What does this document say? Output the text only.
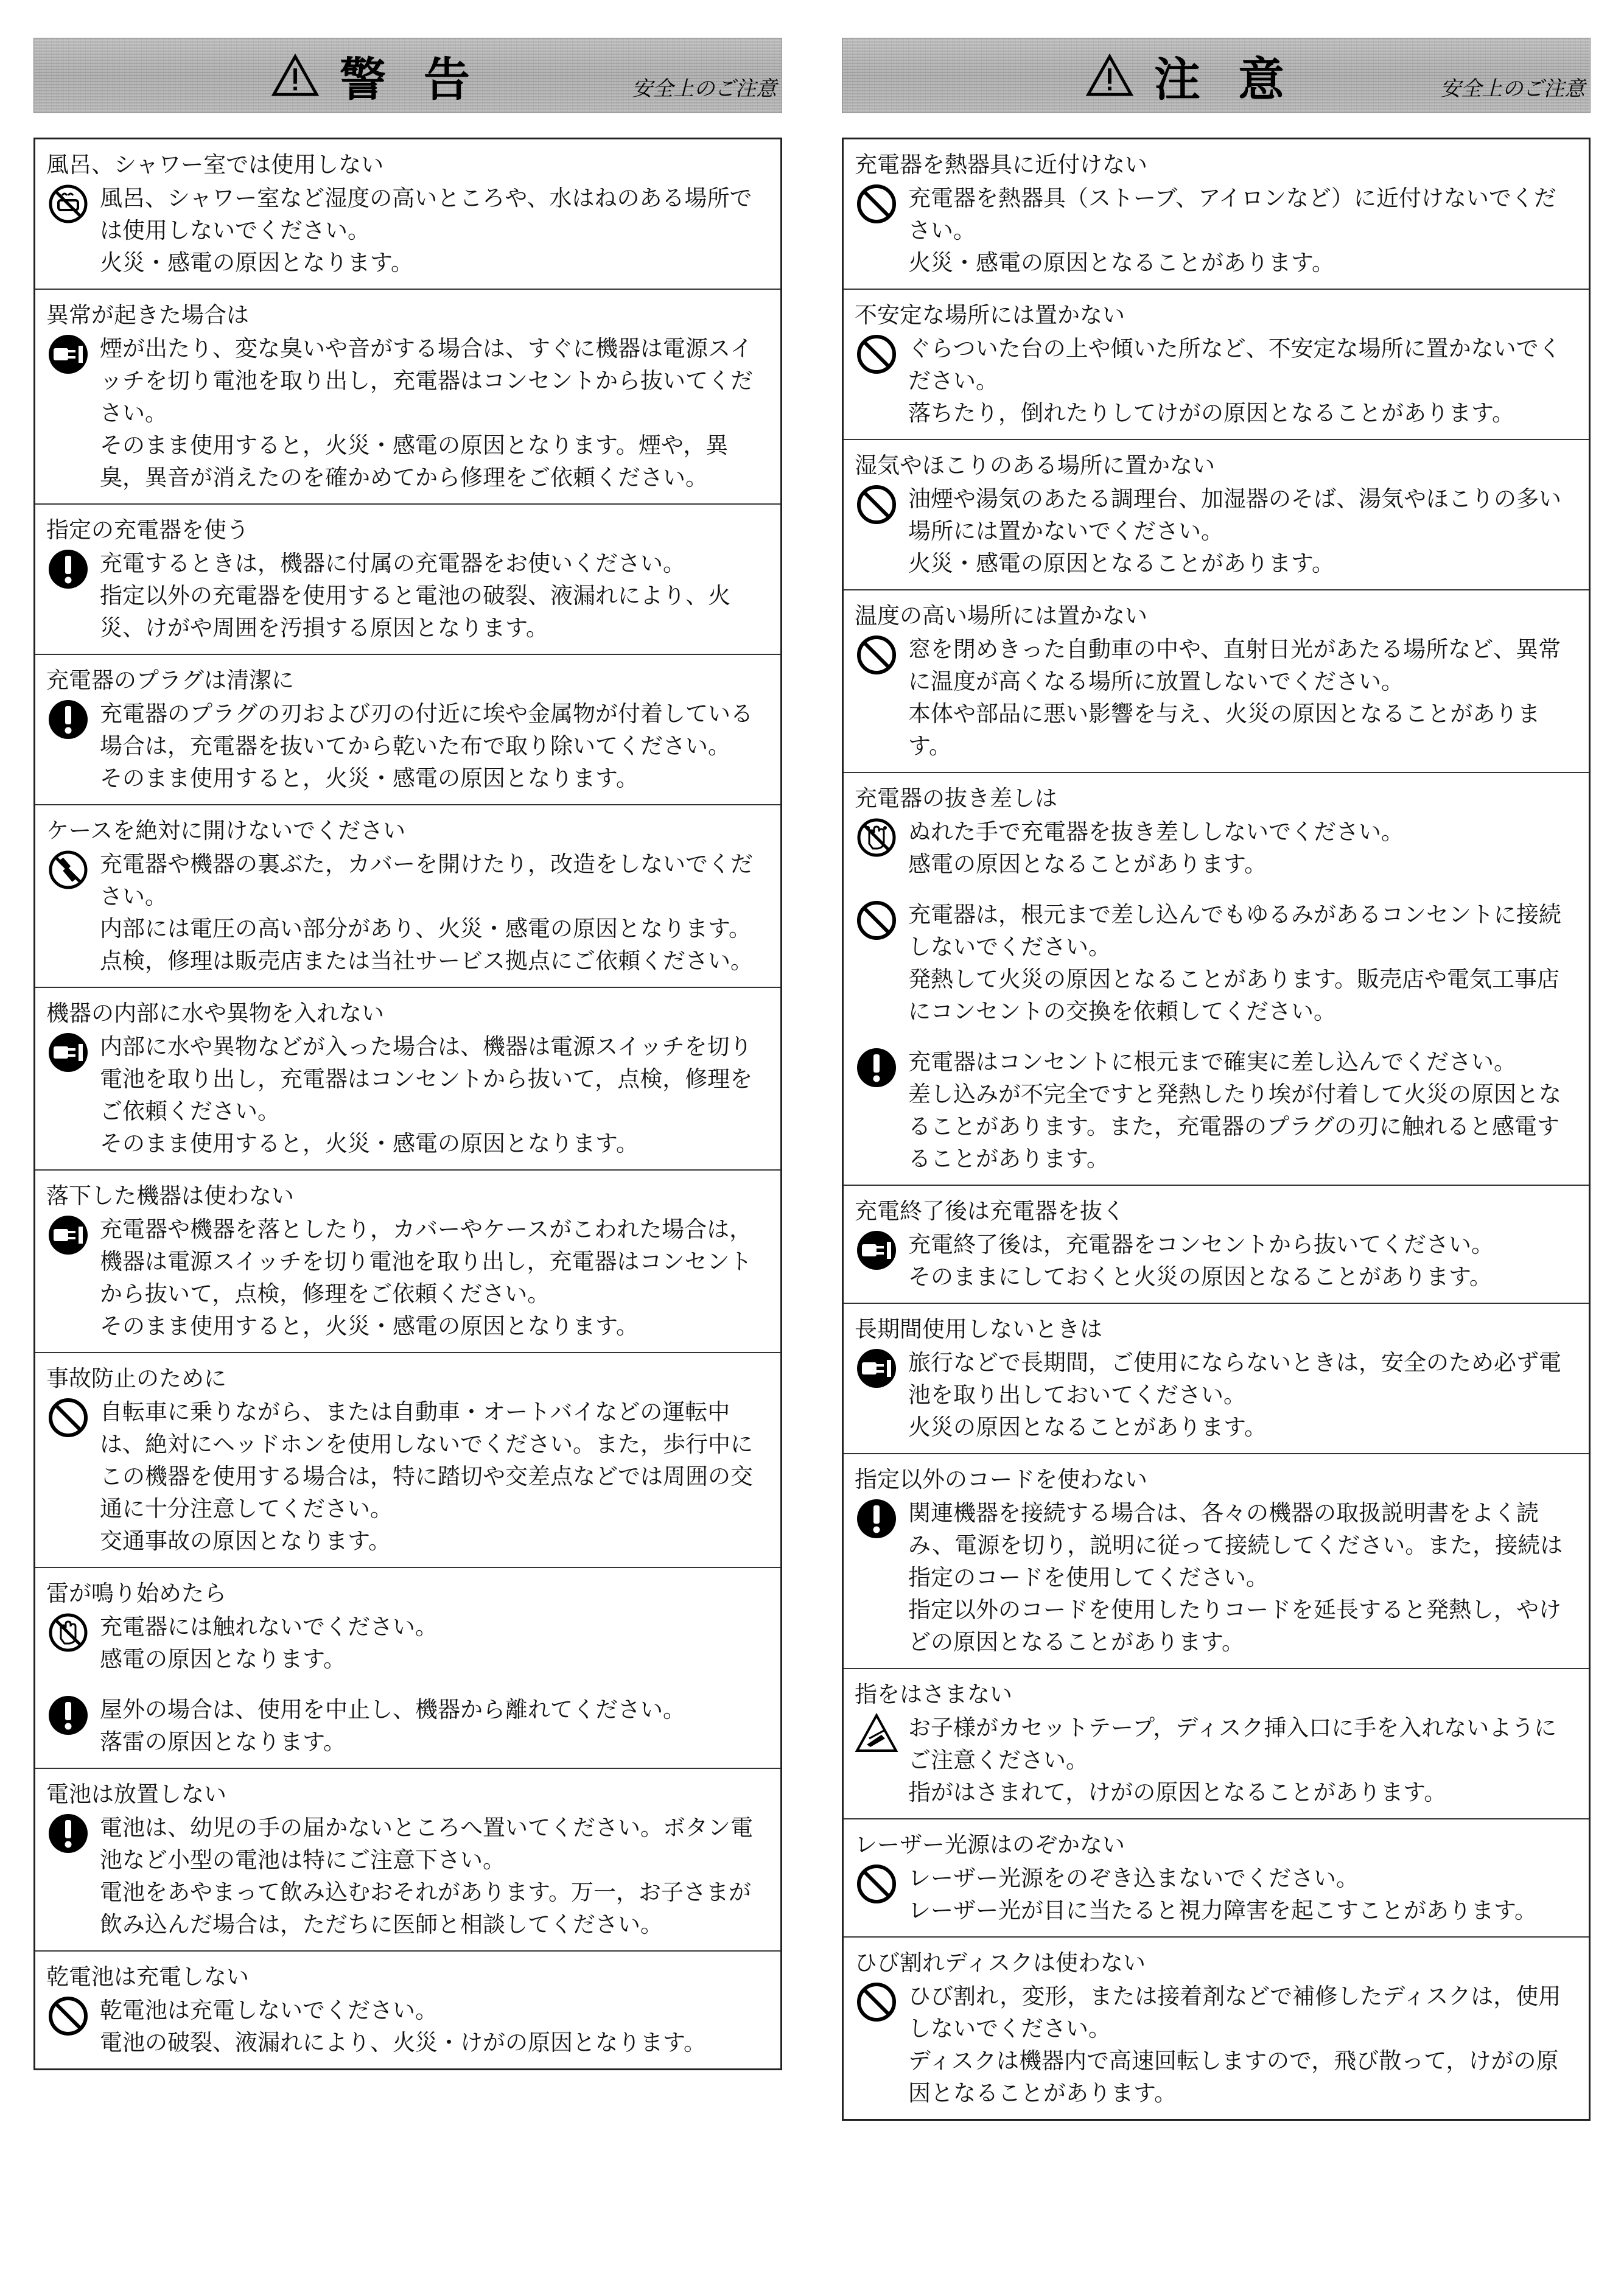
警告	安全上のご注意
風呂、シャワー室では使用しない

風呂、シャワー室など湿度の高いところや、水はねのある場所では使用しないでください。

火災・感電の原因となります。

異常が起きた場合は

煙が出たり、変な臭いや音がする場合は、すぐに機器は電源スイッチを切り電池を取り出し，充電器はコンセントから抜いてください。

そのまま使用すると，火災・感電の原因となります。煙や，異臭，異音が消えたのを確かめてから修理をご依頼ください。

指定の充電器を使う

充電するときは，機器に付属の充電器をお使いください。

指定以外の充電器を使用すると電池の破裂、液漏れにより、火災、けがや周囲を汚損する原因となります。

充電器のプラグは清潔に

充電器のプラグの刃および刃の付近に埃や金属物が付着している場合は，充電器を抜いてから乾いた布で取り除いてください。

そのまま使用すると，火災・感電の原因となります。

ケースを絶対に開けないでください

充電器や機器の裏ぶた，カバーを開けたり，改造をしないでください。

内部には電圧の高い部分があり、火災・感電の原因となります。点検，修理は販売店または当社サービス拠点にご依頼ください。

機器の内部に水や異物を入れない

内部に水や異物などが入った場合は、機器は電源スイッチを切り電池を取り出し，充電器はコンセントから抜いて，点検，修理をご依頼ください。

そのまま使用すると，火災・感電の原因となります。

落下した機器は使わない

充電器や機器を落としたり，カバーやケースがこわれた場合は，機器は電源スイッチを切り電池を取り出し，充電器はコンセントから抜いて，点検，修理をご依頼ください。

そのまま使用すると，火災・感電の原因となります。

事故防止のために

自転車に乗りながら、または自動車・オートバイなどの運転中は、絶対にヘッドホンを使用しないでください。また，歩行中にこの機器を使用する場合は，特に踏切や交差点などでは周囲の交通に十分注意してください。

交通事故の原因となります。

雷が鳴り始めたら

充電器には触れないでください。

感電の原因となります。

屋外の場合は、使用を中止し、機器から離れてください。

落雷の原因となります。

電池は放置しない

電池は、幼児の手の届かないところへ置いてください。ボタン電池など小型の電池は特にご注意下さい。

電池をあやまって飲み込むおそれがあります。万一，お子さまが飲み込んだ場合は，ただちに医師と相談してください。

乾電池は充電しない

乾電池は充電しないでください。

電池の破裂、液漏れにより、火災・けがの原因となります。

注意	安全上のご注意
充電器を熱器具に近付けない

充電器を熱器具（ストーブ、アイロンなど）に近付けないでください。

火災・感電の原因となることがあります。

不安定な場所には置かない

ぐらついた台の上や傾いた所など、不安定な場所に置かないでください。

落ちたり，倒れたりしてけがの原因となることがあります。

湿気やほこりのある場所に置かない

油煙や湯気のあたる調理台、加湿器のそば、湯気やほこりの多い場所には置かないでください。

火災・感電の原因となることがあります。

温度の高い場所には置かない

窓を閉めきった自動車の中や、直射日光があたる場所など、異常に温度が高くなる場所に放置しないでください。

本体や部品に悪い影響を与え、火災の原因となることがあります。

充電器の抜き差しは

ぬれた手で充電器を抜き差ししないでください。

感電の原因となることがあります。

充電器は，根元まで差し込んでもゆるみがあるコンセントに接続しないでください。

発熱して火災の原因となることがあります。販売店や電気工事店にコンセントの交換を依頼してください。

充電器はコンセントに根元まで確実に差し込んでください。

差し込みが不完全ですと発熱したり埃が付着して火災の原因となることがあります。また，充電器のプラグの刃に触れると感電することがあります。

充電終了後は充電器を抜く

充電終了後は，充電器をコンセントから抜いてください。

そのままにしておくと火災の原因となることがあります。

長期間使用しないときは

旅行などで長期間，ご使用にならないときは，安全のため必ず電池を取り出しておいてください。

火災の原因となることがあります。

指定以外のコードを使わない

関連機器を接続する場合は、各々の機器の取扱説明書をよく読み、電源を切り，説明に従って接続してください。また，接続は指定のコードを使用してください。

指定以外のコードを使用したりコードを延長すると発熱し，やけどの原因となることがあります。

指をはさまない

お子様がカセットテープ，ディスク挿入口に手を入れないようにご注意ください。

指がはさまれて，けがの原因となることがあります。

レーザー光源はのぞかない

レーザー光源をのぞき込まないでください。

レーザー光が目に当たると視力障害を起こすことがあります。

ひび割れディスクは使わない

ひび割れ，変形，または接着剤などで補修したディスクは，使用しないでください。

ディスクは機器内で高速回転しますので，飛び散って，けがの原因となることがあります。
